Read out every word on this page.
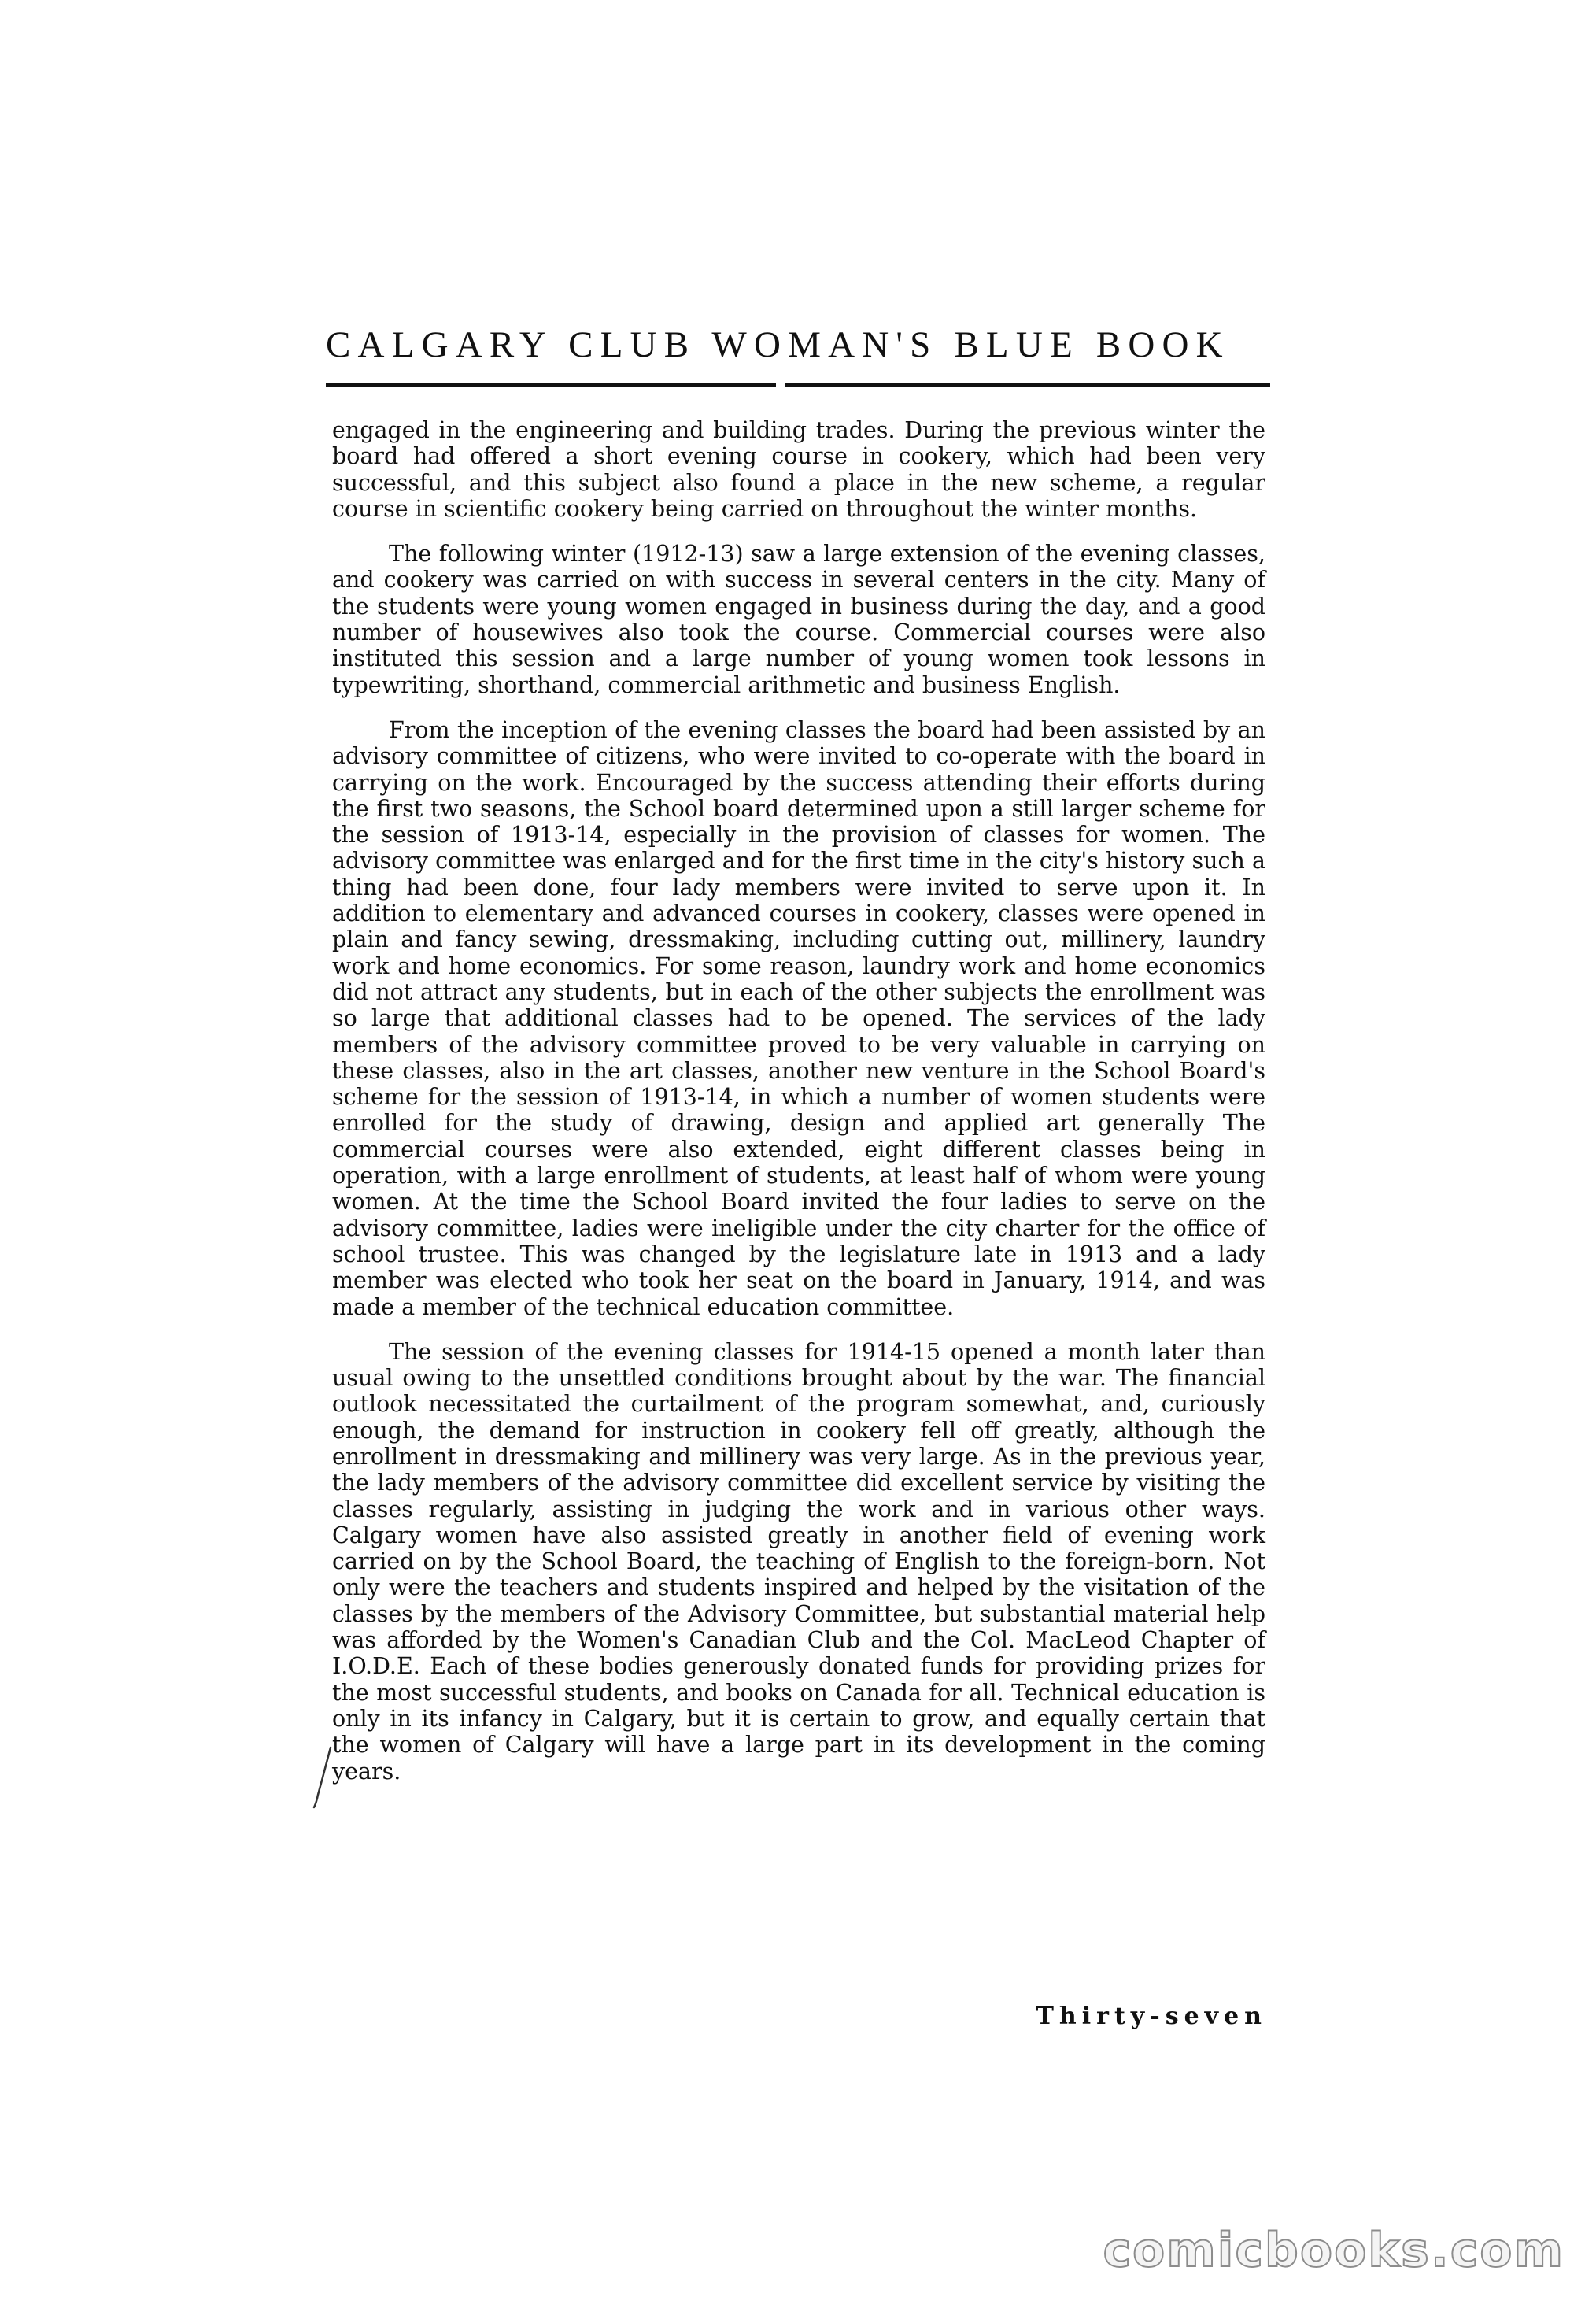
CALGARY CLUB WOMAN'S BLUE BOOK

engaged in the engineering and building trades. During the previous winter the board had offered a short evening course in cookery, which had been very successful, and this subject also found a place in the new scheme, a regular course in scientific cookery being carried on throughout the winter months.

The following winter (1912-13) saw a large extension of the evening classes, and cookery was carried on with success in several centers in the city. Many of the students were young women engaged in business during the day, and a good number of housewives also took the course. Commercial courses were also instituted this session and a large number of young women took lessons in typewriting, shorthand, commercial arithmetic and business English.

From the inception of the evening classes the board had been assisted by an advisory committee of citizens, who were invited to co-operate with the board in carrying on the work. Encouraged by the success attending their efforts during the first two seasons, the School board determined upon a still larger scheme for the session of 1913-14, especially in the provision of classes for women. The advisory committee was enlarged and for the first time in the city's history such a thing had been done, four lady members were invited to serve upon it. In addition to elementary and advanced courses in cookery, classes were opened in plain and fancy sewing, dressmaking, including cutting out, millinery, laundry work and home economics. For some reason, laundry work and home economics did not attract any students, but in each of the other subjects the enrollment was so large that additional classes had to be opened. The services of the lady members of the advisory committee proved to be very valuable in carrying on these classes, also in the art classes, another new venture in the School Board's scheme for the session of 1913-14, in which a number of women students were enrolled for the study of drawing, design and applied art generally The commercial courses were also extended, eight different classes being in operation, with a large enrollment of students, at least half of whom were young women. At the time the School Board invited the four ladies to serve on the advisory committee, ladies were ineligible under the city charter for the office of school trustee. This was changed by the legislature late in 1913 and a lady member was elected who took her seat on the board in January, 1914, and was made a member of the technical education committee.

The session of the evening classes for 1914-15 opened a month later than usual owing to the unsettled conditions brought about by the war. The financial outlook necessitated the curtailment of the program somewhat, and, curiously enough, the demand for instruction in cookery fell off greatly, although the enrollment in dressmaking and millinery was very large. As in the previous year, the lady members of the advisory committee did excellent service by visiting the classes regularly, assisting in judging the work and in various other ways. Calgary women have also assisted greatly in another field of evening work carried on by the School Board, the teaching of English to the foreign-born. Not only were the teachers and students inspired and helped by the visitation of the classes by the members of the Advisory Committee, but substantial material help was afforded by the Women's Canadian Club and the Col. MacLeod Chapter of I.O.D.E. Each of these bodies generously donated funds for providing prizes for the most successful students, and books on Canada for all. Technical education is only in its infancy in Calgary, but it is certain to grow, and equally certain that the women of Calgary will have a large part in its development in the coming years.

Thirty-seven
comicbooks.com
